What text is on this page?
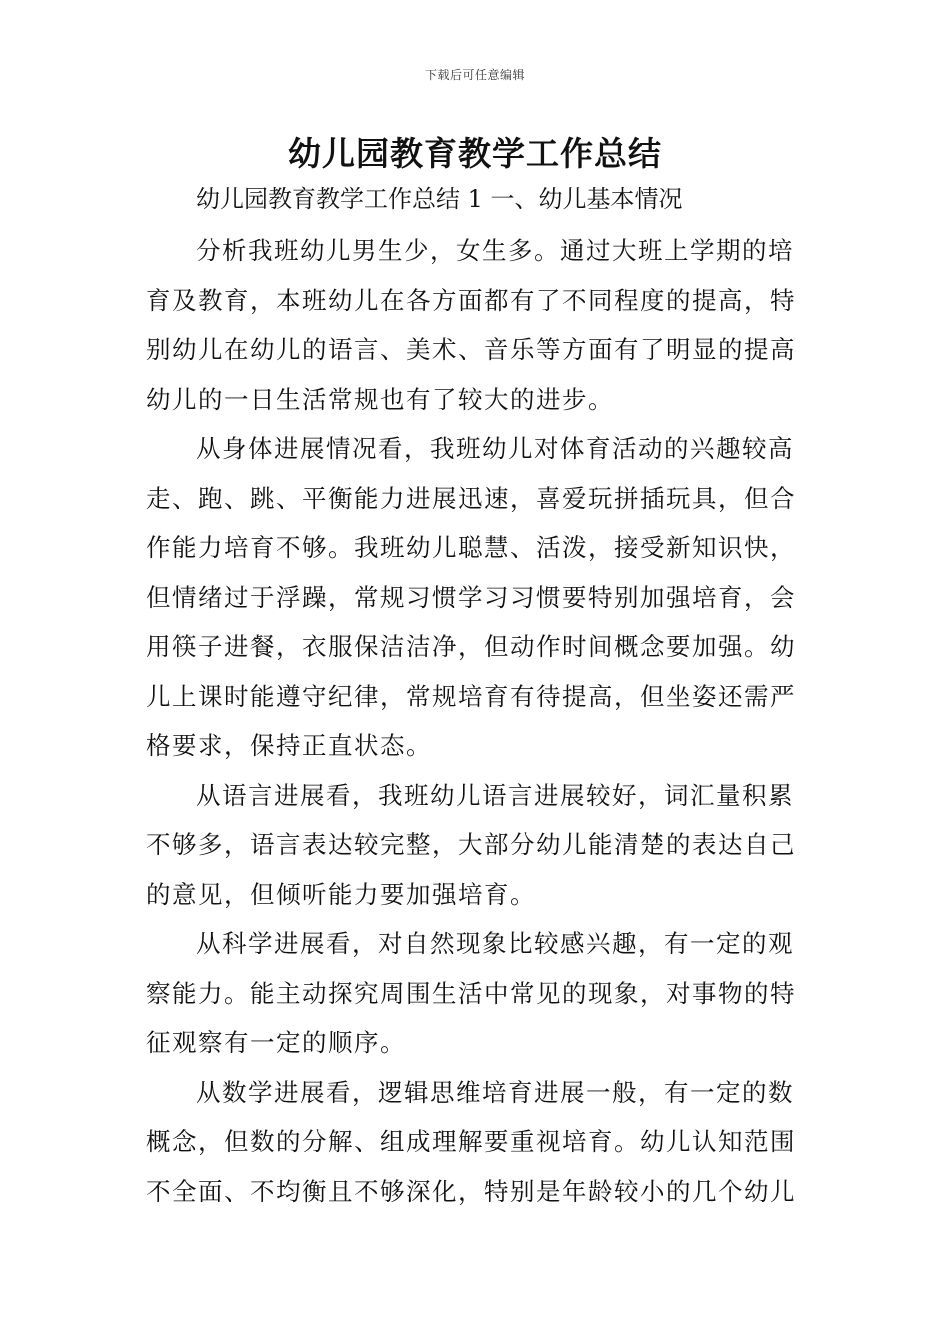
下载后可任意编辑
幼儿园教育教学工作总结
幼儿园教育教学工作总结 1 一、幼儿基本情况
分析我班幼儿男生少，女生多。通过大班上学期的培
育及教育，本班幼儿在各方面都有了不同程度的提高，特
别幼儿在幼儿的语言、美术、音乐等方面有了明显的提高
幼儿的一日生活常规也有了较大的进步。
从身体进展情况看，我班幼儿对体育活动的兴趣较高
走、跑、跳、平衡能力进展迅速，喜爱玩拼插玩具，但合
作能力培育不够。我班幼儿聪慧、活泼，接受新知识快，
但情绪过于浮躁，常规习惯学习习惯要特别加强培育，会
用筷子进餐，衣服保洁洁净，但动作时间概念要加强。幼
儿上课时能遵守纪律，常规培育有待提高，但坐姿还需严
格要求，保持正直状态。
从语言进展看，我班幼儿语言进展较好，词汇量积累
不够多，语言表达较完整，大部分幼儿能清楚的表达自己
的意见，但倾听能力要加强培育。
从科学进展看，对自然现象比较感兴趣，有一定的观
察能力。能主动探究周围生活中常见的现象，对事物的特
征观察有一定的顺序。
从数学进展看，逻辑思维培育进展一般，有一定的数
概念，但数的分解、组成理解要重视培育。幼儿认知范围
不全面、不均衡且不够深化，特别是年龄较小的几个幼儿
